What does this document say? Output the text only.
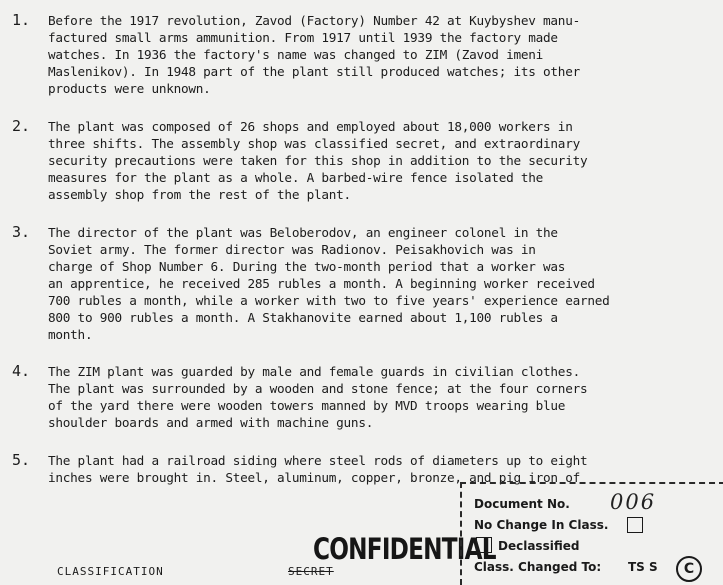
1. Before the 1917 revolution, Zavod (Factory) Number 42 at Kuybyshev manu-
factured small arms ammunition. From 1917 until 1939 the factory made
watches. In 1936 the factory's name was changed to ZIM (Zavod imeni
Maslenikov). In 1948 part of the plant still produced watches; its other
products were unknown.
2. The plant was composed of 26 shops and employed about 18,000 workers in
three shifts. The assembly shop was classified secret, and extraordinary
security precautions were taken for this shop in addition to the security
measures for the plant as a whole. A barbed-wire fence isolated the
assembly shop from the rest of the plant.
3. The director of the plant was Beloberodov, an engineer colonel in the
Soviet army. The former director was Radionov. Peisakhovich was in
charge of Shop Number 6. During the two-month period that a worker was
an apprentice, he received 285 rubles a month. A beginning worker received
700 rubles a month, while a worker with two to five years' experience earned
800 to 900 rubles a month. A Stakhanovite earned about 1,100 rubles a
month.
4. The ZIM plant was guarded by male and female guards in civilian clothes.
The plant was surrounded by a wooden and stone fence; at the four corners
of the yard there were wooden towers manned by MVD troops wearing blue
shoulder boards and armed with machine guns.
5. The plant had a railroad siding where steel rods of diameters up to eight
inches were brought in. Steel, aluminum, copper, bronze, and pig iron of
CLASSIFICATION	SECRET
CONFIDENTIAL
Document No. 006
No Change In Class.
Declassified
Class. Changed To: TS S	C
